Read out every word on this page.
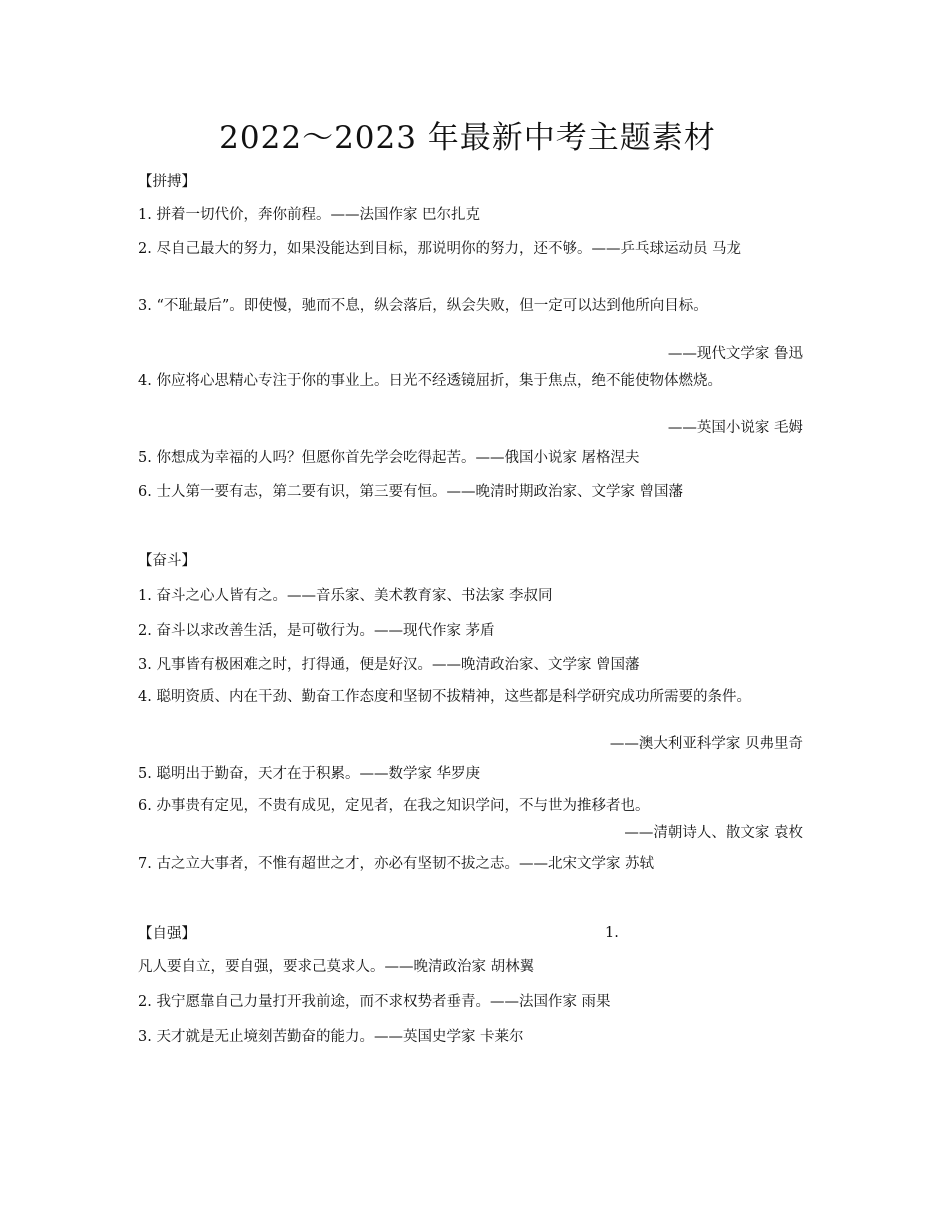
2022～2023 年最新中考主题素材
【拼搏】
1. 拼着一切代价，奔你前程。——法国作家 巴尔扎克
2. 尽自己最大的努力，如果没能达到目标，那说明你的努力，还不够。——乒乓球运动员 马龙
3. “不耻最后”。即使慢，驰而不息，纵会落后，纵会失败，但一定可以达到他所向目标。
——现代文学家 鲁迅
4. 你应将心思精心专注于你的事业上。日光不经透镜屈折，集于焦点，绝不能使物体燃烧。
——英国小说家 毛姆
5. 你想成为幸福的人吗？但愿你首先学会吃得起苦。——俄国小说家 屠格涅夫
6. 士人第一要有志，第二要有识，第三要有恒。——晚清时期政治家、文学家 曾国藩
【奋斗】
1. 奋斗之心人皆有之。——音乐家、美术教育家、书法家 李叔同
2. 奋斗以求改善生活，是可敬行为。——现代作家 茅盾
3. 凡事皆有极困难之时，打得通，便是好汉。——晚清政治家、文学家 曾国藩
4. 聪明资质、内在干劲、勤奋工作态度和坚韧不拔精神，这些都是科学研究成功所需要的条件。
——澳大利亚科学家 贝弗里奇
5. 聪明出于勤奋，天才在于积累。——数学家 华罗庚
6. 办事贵有定见，不贵有成见，定见者，在我之知识学问，不与世为推移者也。
——清朝诗人、散文家 袁枚
7. 古之立大事者，不惟有超世之才，亦必有坚韧不拔之志。——北宋文学家 苏轼
【自强】	1.
凡人要自立，要自强，要求己莫求人。——晚清政治家 胡林翼
2. 我宁愿靠自己力量打开我前途，而不求权势者垂青。——法国作家 雨果
3. 天才就是无止境刻苦勤奋的能力。——英国史学家 卡莱尔
